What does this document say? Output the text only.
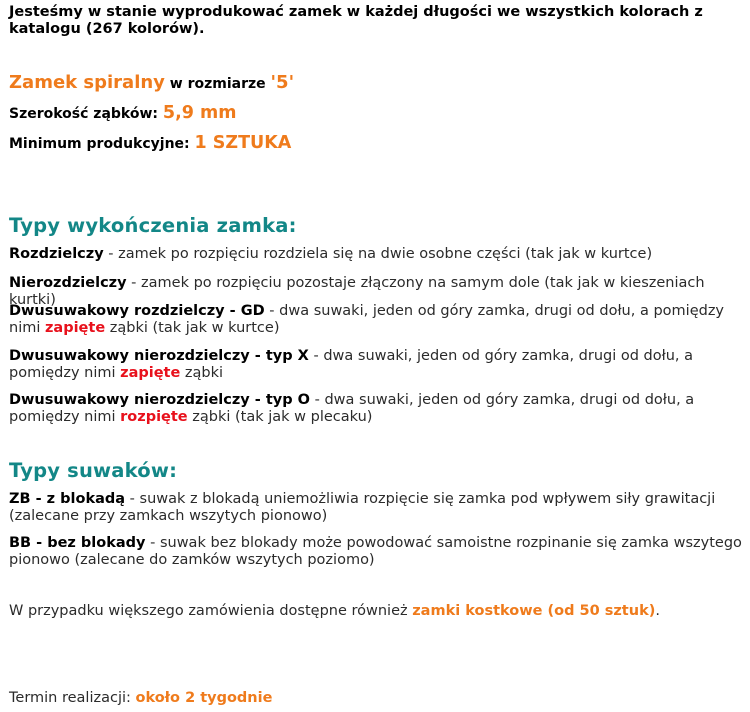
Jesteśmy w stanie wyprodukować zamek w każdej długości we wszystkich kolorach z katalogu (267 kolorów).
Zamek spiralny w rozmiarze '5'
Szerokość ząbków: 5,9 mm
Minimum produkcyjne: 1 SZTUKA
Typy wykończenia zamka:
Rozdzielczy - zamek po rozpięciu rozdziela się na dwie osobne części (tak jak w kurtce)
Nierozdzielczy - zamek po rozpięciu pozostaje złączony na samym dole (tak jak w kieszeniach kurtki)
Dwusuwakowy rozdzielczy - GD - dwa suwaki, jeden od góry zamka, drugi od dołu, a pomiędzy nimi zapięte ząbki (tak jak w kurtce)
Dwusuwakowy nierozdzielczy - typ X - dwa suwaki, jeden od góry zamka, drugi od dołu, a pomiędzy nimi zapięte ząbki
Dwusuwakowy nierozdzielczy - typ O - dwa suwaki, jeden od góry zamka, drugi od dołu, a pomiędzy nimi rozpięte ząbki (tak jak w plecaku)
Typy suwaków:
ZB - z blokadą - suwak z blokadą uniemożliwia rozpięcie się zamka pod wpływem siły grawitacji (zalecane przy zamkach wszytych pionowo)
BB - bez blokady - suwak bez blokady może powodować samoistne rozpinanie się zamka wszytego pionowo (zalecane do zamków wszytych poziomo)
W przypadku większego zamówienia dostępne również zamki kostkowe (od 50 sztuk).
Termin realizacji: około 2 tygodnie
